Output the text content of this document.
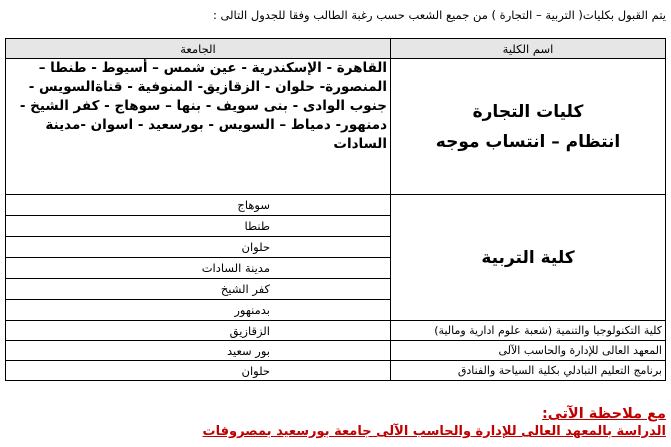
يتم القبول بكليات( التربية – التجارة ) من جميع الشعب حسب رغبة الطالب وفقا للجدول التالى :
اسم الكلية	الجامعة

كليات التجارة
انتظام – انتساب موجه	القاهرة - الإسكندرية - عين شمس – أسيوط - طنطا – المنصورة- حلوان - الزقازيق- المنوفية - قناةالسويس - جنوب الوادى - بنى سويف - بنها – سوهاج - كفر الشيخ - دمنهور- دمياط – السويس - بورسعيد - اسوان -مدينة السادات
كلية التربية	سوهاج
	طنطا
	حلوان
	مدينة السادات
	كفر الشيخ
	بدمنهور
كلية التكنولوجيا والتنمية (شعبة علوم ادارية ومالية)	الزقازيق
المعهد العالى للإدارة والحاسب الآلى	بور سعيد
برنامج التعليم التبادلي بكلية السياحة والفنادق	حلوان
مع ملاحظة الآتى:
الدراسة بالمعهد العالى للإدارة والحاسب الآلى جامعة بورسعيد بمصروفات
